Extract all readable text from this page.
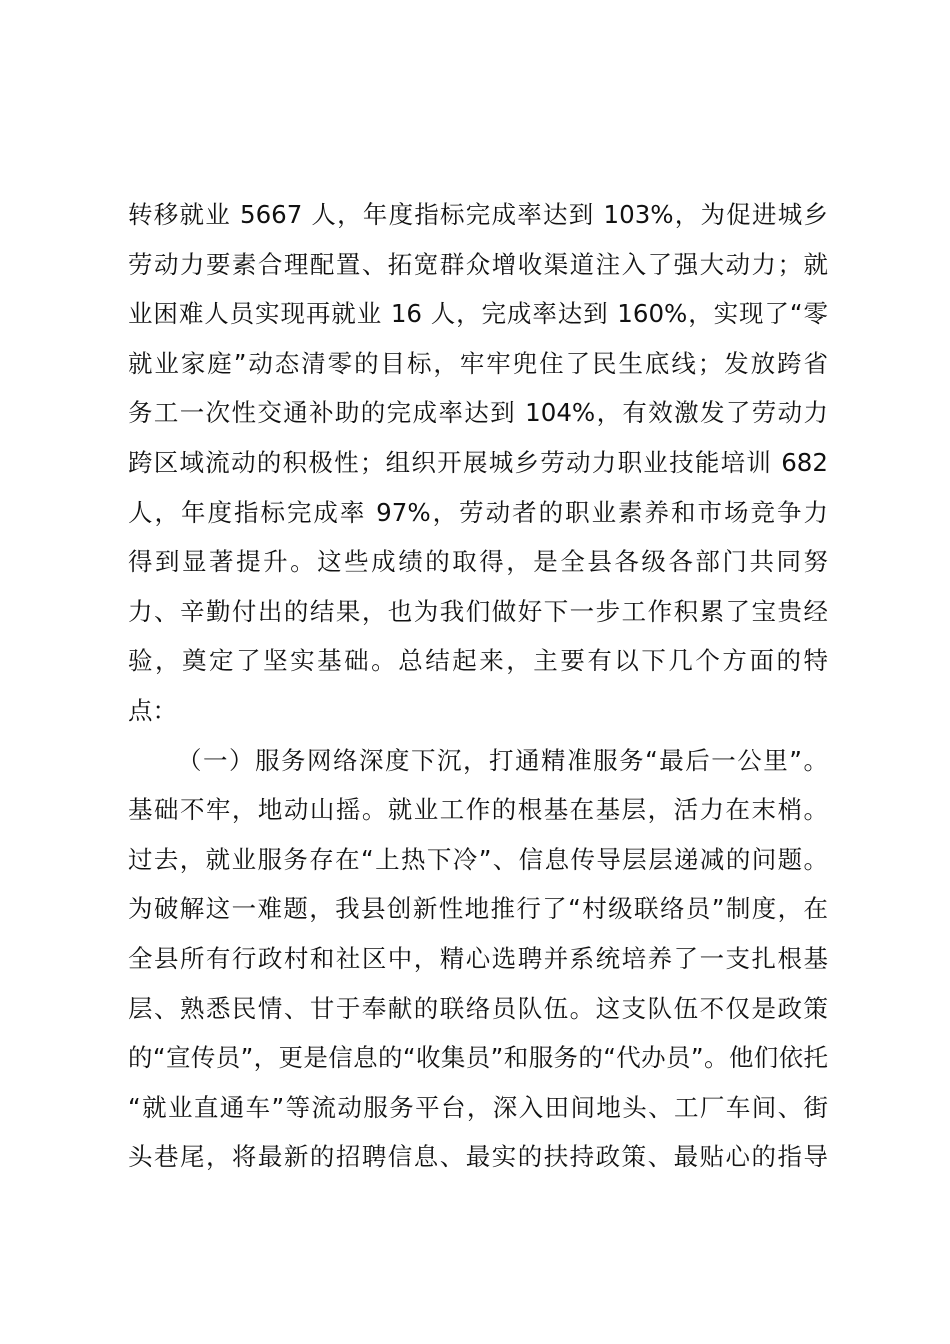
转移就业 5667 人，年度指标完成率达到 103%，为促进城乡
劳动力要素合理配置、拓宽群众增收渠道注入了强大动力；就
业困难人员实现再就业 16 人，完成率达到 160%，实现了“零
就业家庭”动态清零的目标，牢牢兜住了民生底线；发放跨省
务工一次性交通补助的完成率达到 104%，有效激发了劳动力
跨区域流动的积极性；组织开展城乡劳动力职业技能培训 682
人，年度指标完成率 97%，劳动者的职业素养和市场竞争力
得到显著提升。这些成绩的取得，是全县各级各部门共同努
力、辛勤付出的结果，也为我们做好下一步工作积累了宝贵经
验，奠定了坚实基础。总结起来，主要有以下几个方面的特
点：
（一）服务网络深度下沉，打通精准服务“最后一公里”。
基础不牢，地动山摇。就业工作的根基在基层，活力在末梢。
过去，就业服务存在“上热下冷”、信息传导层层递减的问题。
为破解这一难题，我县创新性地推行了“村级联络员”制度，在
全县所有行政村和社区中，精心选聘并系统培养了一支扎根基
层、熟悉民情、甘于奉献的联络员队伍。这支队伍不仅是政策
的“宣传员”，更是信息的“收集员”和服务的“代办员”。他们依托
“就业直通车”等流动服务平台，深入田间地头、工厂车间、街
头巷尾，将最新的招聘信息、最实的扶持政策、最贴心的指导
